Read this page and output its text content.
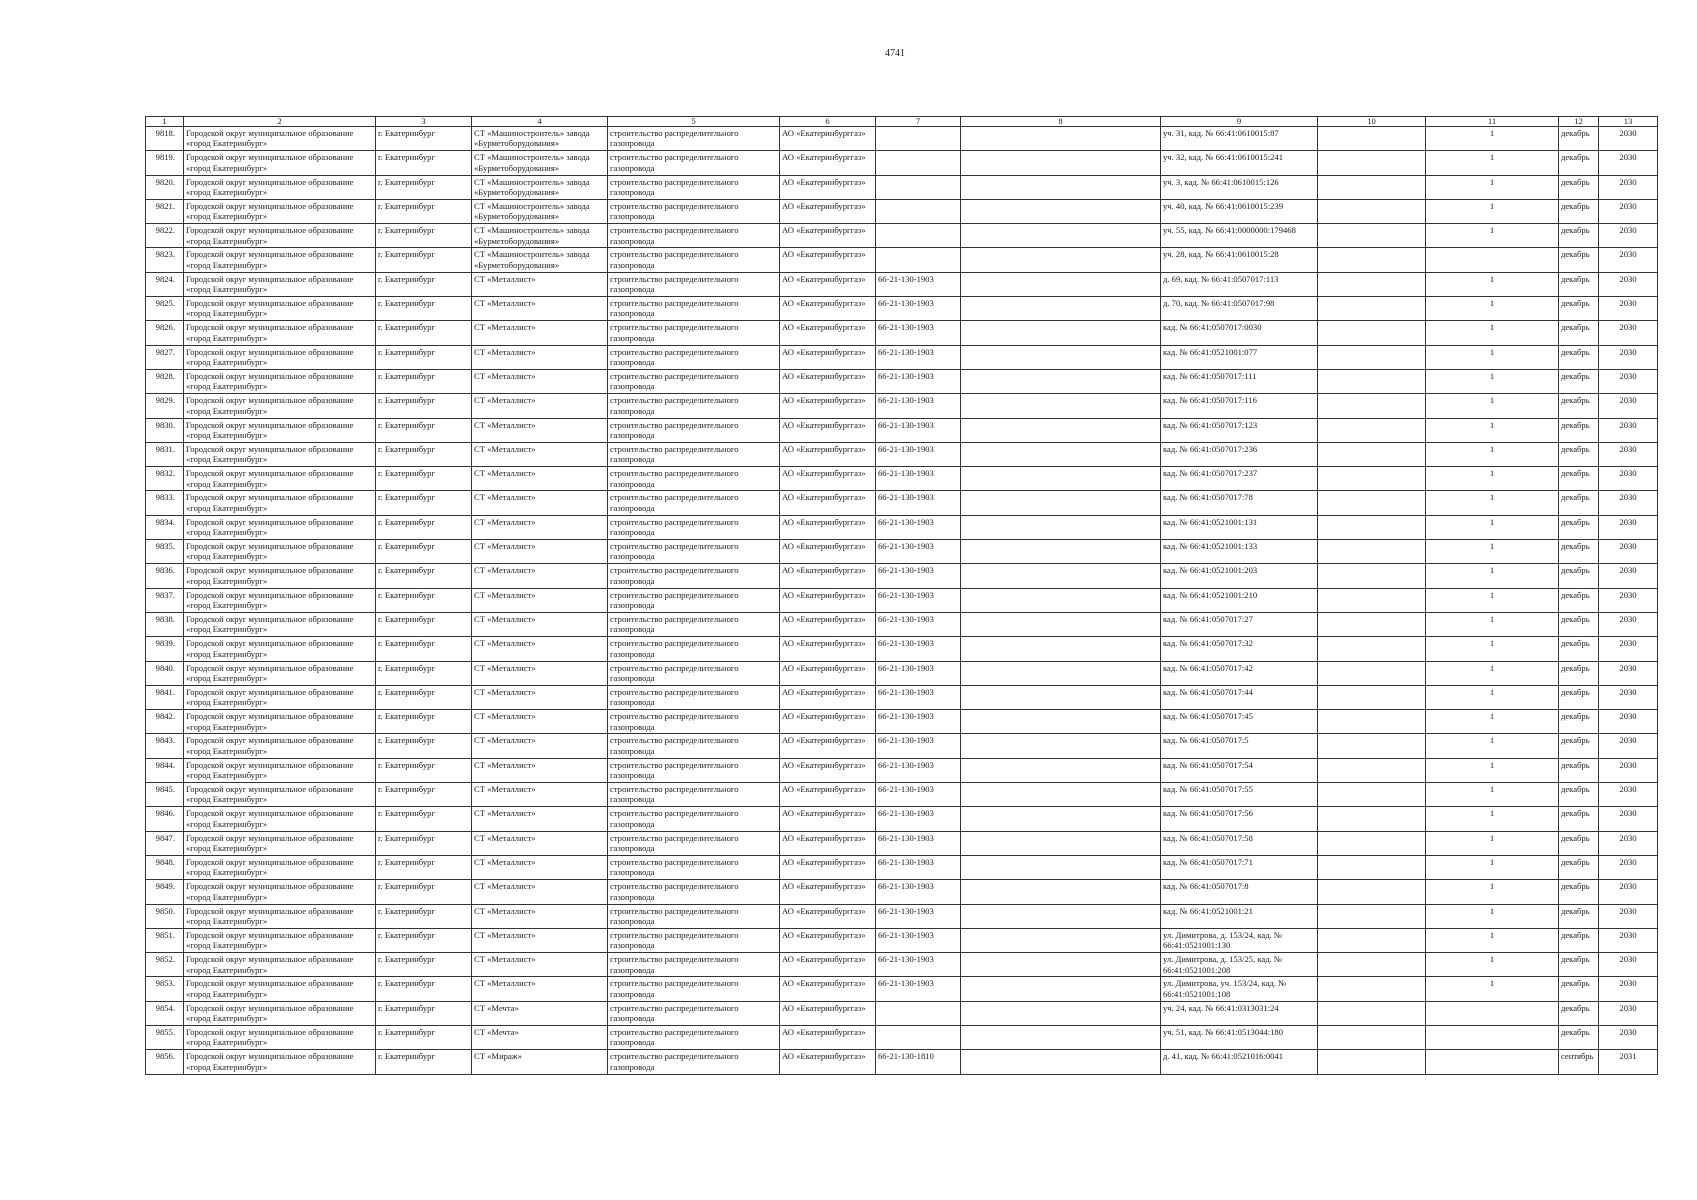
4741
1	2	3	4	5	6	7	8	9	10	11	12	13
9818.	Городской округ муниципальное образование «город Екатеринбург»	г. Екатеринбург	СТ «Машиностроитель» завода «Бурметоборудования»	строительство распределительного газопровода	АО «Екатеринбурггаз»			уч. 31, кад. № 66:41:0610015:87		1	декабрь	2030
9819.	Городской округ муниципальное образование «город Екатеринбург»	г. Екатеринбург	СТ «Машиностроитель» завода «Бурметоборудования»	строительство распределительного газопровода	АО «Екатеринбурггаз»			уч. 32, кад. № 66:41:0610015:241		1	декабрь	2030
9820.	Городской округ муниципальное образование «город Екатеринбург»	г. Екатеринбург	СТ «Машиностроитель» завода «Бурметоборудования»	строительство распределительного газопровода	АО «Екатеринбурггаз»			уч. 3, кад. № 66:41:0610015:126		1	декабрь	2030
9821.	Городской округ муниципальное образование «город Екатеринбург»	г. Екатеринбург	СТ «Машиностроитель» завода «Бурметоборудования»	строительство распределительного газопровода	АО «Екатеринбурггаз»			уч. 40, кад. № 66:41:0610015:239		1	декабрь	2030
9822.	Городской округ муниципальное образование «город Екатеринбург»	г. Екатеринбург	СТ «Машиностроитель» завода «Бурметоборудования»	строительство распределительного газопровода	АО «Екатеринбурггаз»			уч. 55, кад. № 66:41:0000000:179468		1	декабрь	2030
9823.	Городской округ муниципальное образование «город Екатеринбург»	г. Екатеринбург	СТ «Машиностроитель» завода «Бурметоборудования»	строительство распределительного газопровода	АО «Екатеринбурггаз»			уч. 28, кад. № 66:41:0610015:28			декабрь	2030
9824.	Городской округ муниципальное образование «город Екатеринбург»	г. Екатеринбург	СТ «Металлист»	строительство распределительного газопровода	АО «Екатеринбурггаз»	66-21-130-1903		д. 69, кад. № 66:41:0507017:113		1	декабрь	2030
9825.	Городской округ муниципальное образование «город Екатеринбург»	г. Екатеринбург	СТ «Металлист»	строительство распределительного газопровода	АО «Екатеринбурггаз»	66-21-130-1903		д. 70, кад. № 66:41:0507017:98		1	декабрь	2030
9826.	Городской округ муниципальное образование «город Екатеринбург»	г. Екатеринбург	СТ «Металлист»	строительство распределительного газопровода	АО «Екатеринбурггаз»	66-21-130-1903		кад. № 66:41:0507017:0030		1	декабрь	2030
9827.	Городской округ муниципальное образование «город Екатеринбург»	г. Екатеринбург	СТ «Металлист»	строительство распределительного газопровода	АО «Екатеринбурггаз»	66-21-130-1903		кад. № 66:41:0521001:077		1	декабрь	2030
9828.	Городской округ муниципальное образование «город Екатеринбург»	г. Екатеринбург	СТ «Металлист»	строительство распределительного газопровода	АО «Екатеринбурггаз»	66-21-130-1903		кад. № 66:41:0507017:111		1	декабрь	2030
9829.	Городской округ муниципальное образование «город Екатеринбург»	г. Екатеринбург	СТ «Металлист»	строительство распределительного газопровода	АО «Екатеринбурггаз»	66-21-130-1903		кад. № 66:41:0507017:116		1	декабрь	2030
9830.	Городской округ муниципальное образование «город Екатеринбург»	г. Екатеринбург	СТ «Металлист»	строительство распределительного газопровода	АО «Екатеринбурггаз»	66-21-130-1903		кад. № 66:41:0507017:123		1	декабрь	2030
9831.	Городской округ муниципальное образование «город Екатеринбург»	г. Екатеринбург	СТ «Металлист»	строительство распределительного газопровода	АО «Екатеринбурггаз»	66-21-130-1903		кад. № 66:41:0507017:236		1	декабрь	2030
9832.	Городской округ муниципальное образование «город Екатеринбург»	г. Екатеринбург	СТ «Металлист»	строительство распределительного газопровода	АО «Екатеринбурггаз»	66-21-130-1903		кад. № 66:41:0507017:237		1	декабрь	2030
9833.	Городской округ муниципальное образование «город Екатеринбург»	г. Екатеринбург	СТ «Металлист»	строительство распределительного газопровода	АО «Екатеринбурггаз»	66-21-130-1903		кад. № 66:41:0507017:78		1	декабрь	2030
9834.	Городской округ муниципальное образование «город Екатеринбург»	г. Екатеринбург	СТ «Металлист»	строительство распределительного газопровода	АО «Екатеринбурггаз»	66-21-130-1903		кад. № 66:41:0521001:131		1	декабрь	2030
9835.	Городской округ муниципальное образование «город Екатеринбург»	г. Екатеринбург	СТ «Металлист»	строительство распределительного газопровода	АО «Екатеринбурггаз»	66-21-130-1903		кад. № 66:41:0521001:133		1	декабрь	2030
9836.	Городской округ муниципальное образование «город Екатеринбург»	г. Екатеринбург	СТ «Металлист»	строительство распределительного газопровода	АО «Екатеринбурггаз»	66-21-130-1903		кад. № 66:41:0521001:203		1	декабрь	2030
9837.	Городской округ муниципальное образование «город Екатеринбург»	г. Екатеринбург	СТ «Металлист»	строительство распределительного газопровода	АО «Екатеринбурггаз»	66-21-130-1903		кад. № 66:41:0521001:210		1	декабрь	2030
9838.	Городской округ муниципальное образование «город Екатеринбург»	г. Екатеринбург	СТ «Металлист»	строительство распределительного газопровода	АО «Екатеринбурггаз»	66-21-130-1903		кад. № 66:41:0507017:27		1	декабрь	2030
9839.	Городской округ муниципальное образование «город Екатеринбург»	г. Екатеринбург	СТ «Металлист»	строительство распределительного газопровода	АО «Екатеринбурггаз»	66-21-130-1903		кад. № 66:41:0507017:32		1	декабрь	2030
9840.	Городской округ муниципальное образование «город Екатеринбург»	г. Екатеринбург	СТ «Металлист»	строительство распределительного газопровода	АО «Екатеринбурггаз»	66-21-130-1903		кад. № 66:41:0507017:42		1	декабрь	2030
9841.	Городской округ муниципальное образование «город Екатеринбург»	г. Екатеринбург	СТ «Металлист»	строительство распределительного газопровода	АО «Екатеринбурггаз»	66-21-130-1903		кад. № 66:41:0507017:44		1	декабрь	2030
9842.	Городской округ муниципальное образование «город Екатеринбург»	г. Екатеринбург	СТ «Металлист»	строительство распределительного газопровода	АО «Екатеринбурггаз»	66-21-130-1903		кад. № 66:41:0507017:45		1	декабрь	2030
9843.	Городской округ муниципальное образование «город Екатеринбург»	г. Екатеринбург	СТ «Металлист»	строительство распределительного газопровода	АО «Екатеринбурггаз»	66-21-130-1903		кад. № 66:41:0507017:5		1	декабрь	2030
9844.	Городской округ муниципальное образование «город Екатеринбург»	г. Екатеринбург	СТ «Металлист»	строительство распределительного газопровода	АО «Екатеринбурггаз»	66-21-130-1903		кад. № 66:41:0507017:54		1	декабрь	2030
9845.	Городской округ муниципальное образование «город Екатеринбург»	г. Екатеринбург	СТ «Металлист»	строительство распределительного газопровода	АО «Екатеринбурггаз»	66-21-130-1903		кад. № 66:41:0507017:55		1	декабрь	2030
9846.	Городской округ муниципальное образование «город Екатеринбург»	г. Екатеринбург	СТ «Металлист»	строительство распределительного газопровода	АО «Екатеринбурггаз»	66-21-130-1903		кад. № 66:41:0507017:56		1	декабрь	2030
9847.	Городской округ муниципальное образование «город Екатеринбург»	г. Екатеринбург	СТ «Металлист»	строительство распределительного газопровода	АО «Екатеринбурггаз»	66-21-130-1903		кад. № 66:41:0507017:58		1	декабрь	2030
9848.	Городской округ муниципальное образование «город Екатеринбург»	г. Екатеринбург	СТ «Металлист»	строительство распределительного газопровода	АО «Екатеринбурггаз»	66-21-130-1903		кад. № 66:41:0507017:71		1	декабрь	2030
9849.	Городской округ муниципальное образование «город Екатеринбург»	г. Екатеринбург	СТ «Металлист»	строительство распределительного газопровода	АО «Екатеринбурггаз»	66-21-130-1903		кад. № 66:41:0507017:8		1	декабрь	2030
9850.	Городской округ муниципальное образование «город Екатеринбург»	г. Екатеринбург	СТ «Металлист»	строительство распределительного газопровода	АО «Екатеринбурггаз»	66-21-130-1903		кад. № 66:41:0521001:21		1	декабрь	2030
9851.	Городской округ муниципальное образование «город Екатеринбург»	г. Екатеринбург	СТ «Металлист»	строительство распределительного газопровода	АО «Екатеринбурггаз»	66-21-130-1903		ул. Димитрова, д. 153/24, кад. № 66:41:0521001:130		1	декабрь	2030
9852.	Городской округ муниципальное образование «город Екатеринбург»	г. Екатеринбург	СТ «Металлист»	строительство распределительного газопровода	АО «Екатеринбурггаз»	66-21-130-1903		ул. Димитрова, д. 153/25, кад. № 66:41:0521001:208		1	декабрь	2030
9853.	Городской округ муниципальное образование «город Екатеринбург»	г. Екатеринбург	СТ «Металлист»	строительство распределительного газопровода	АО «Екатеринбурггаз»	66-21-130-1903		ул. Димитрова, уч. 153/24, кад. № 66:41:0521001:108		1	декабрь	2030
9854.	Городской округ муниципальное образование «город Екатеринбург»	г. Екатеринбург	СТ «Мечта»	строительство распределительного газопровода	АО «Екатеринбурггаз»			уч. 24, кад. № 66:41:0313031:24			декабрь	2030
9855.	Городской округ муниципальное образование «город Екатеринбург»	г. Екатеринбург	СТ «Мечта»	строительство распределительного газопровода	АО «Екатеринбурггаз»			уч. 51, кад. № 66:41:0513044:180			декабрь	2030
9856.	Городской округ муниципальное образование «город Екатеринбург»	г. Екатеринбург	СТ «Мираж»	строительство распределительного газопровода	АО «Екатеринбурггаз»	66-21-130-1810		д. 41, кад. № 66:41:0521016:0041			сентябрь	2031
